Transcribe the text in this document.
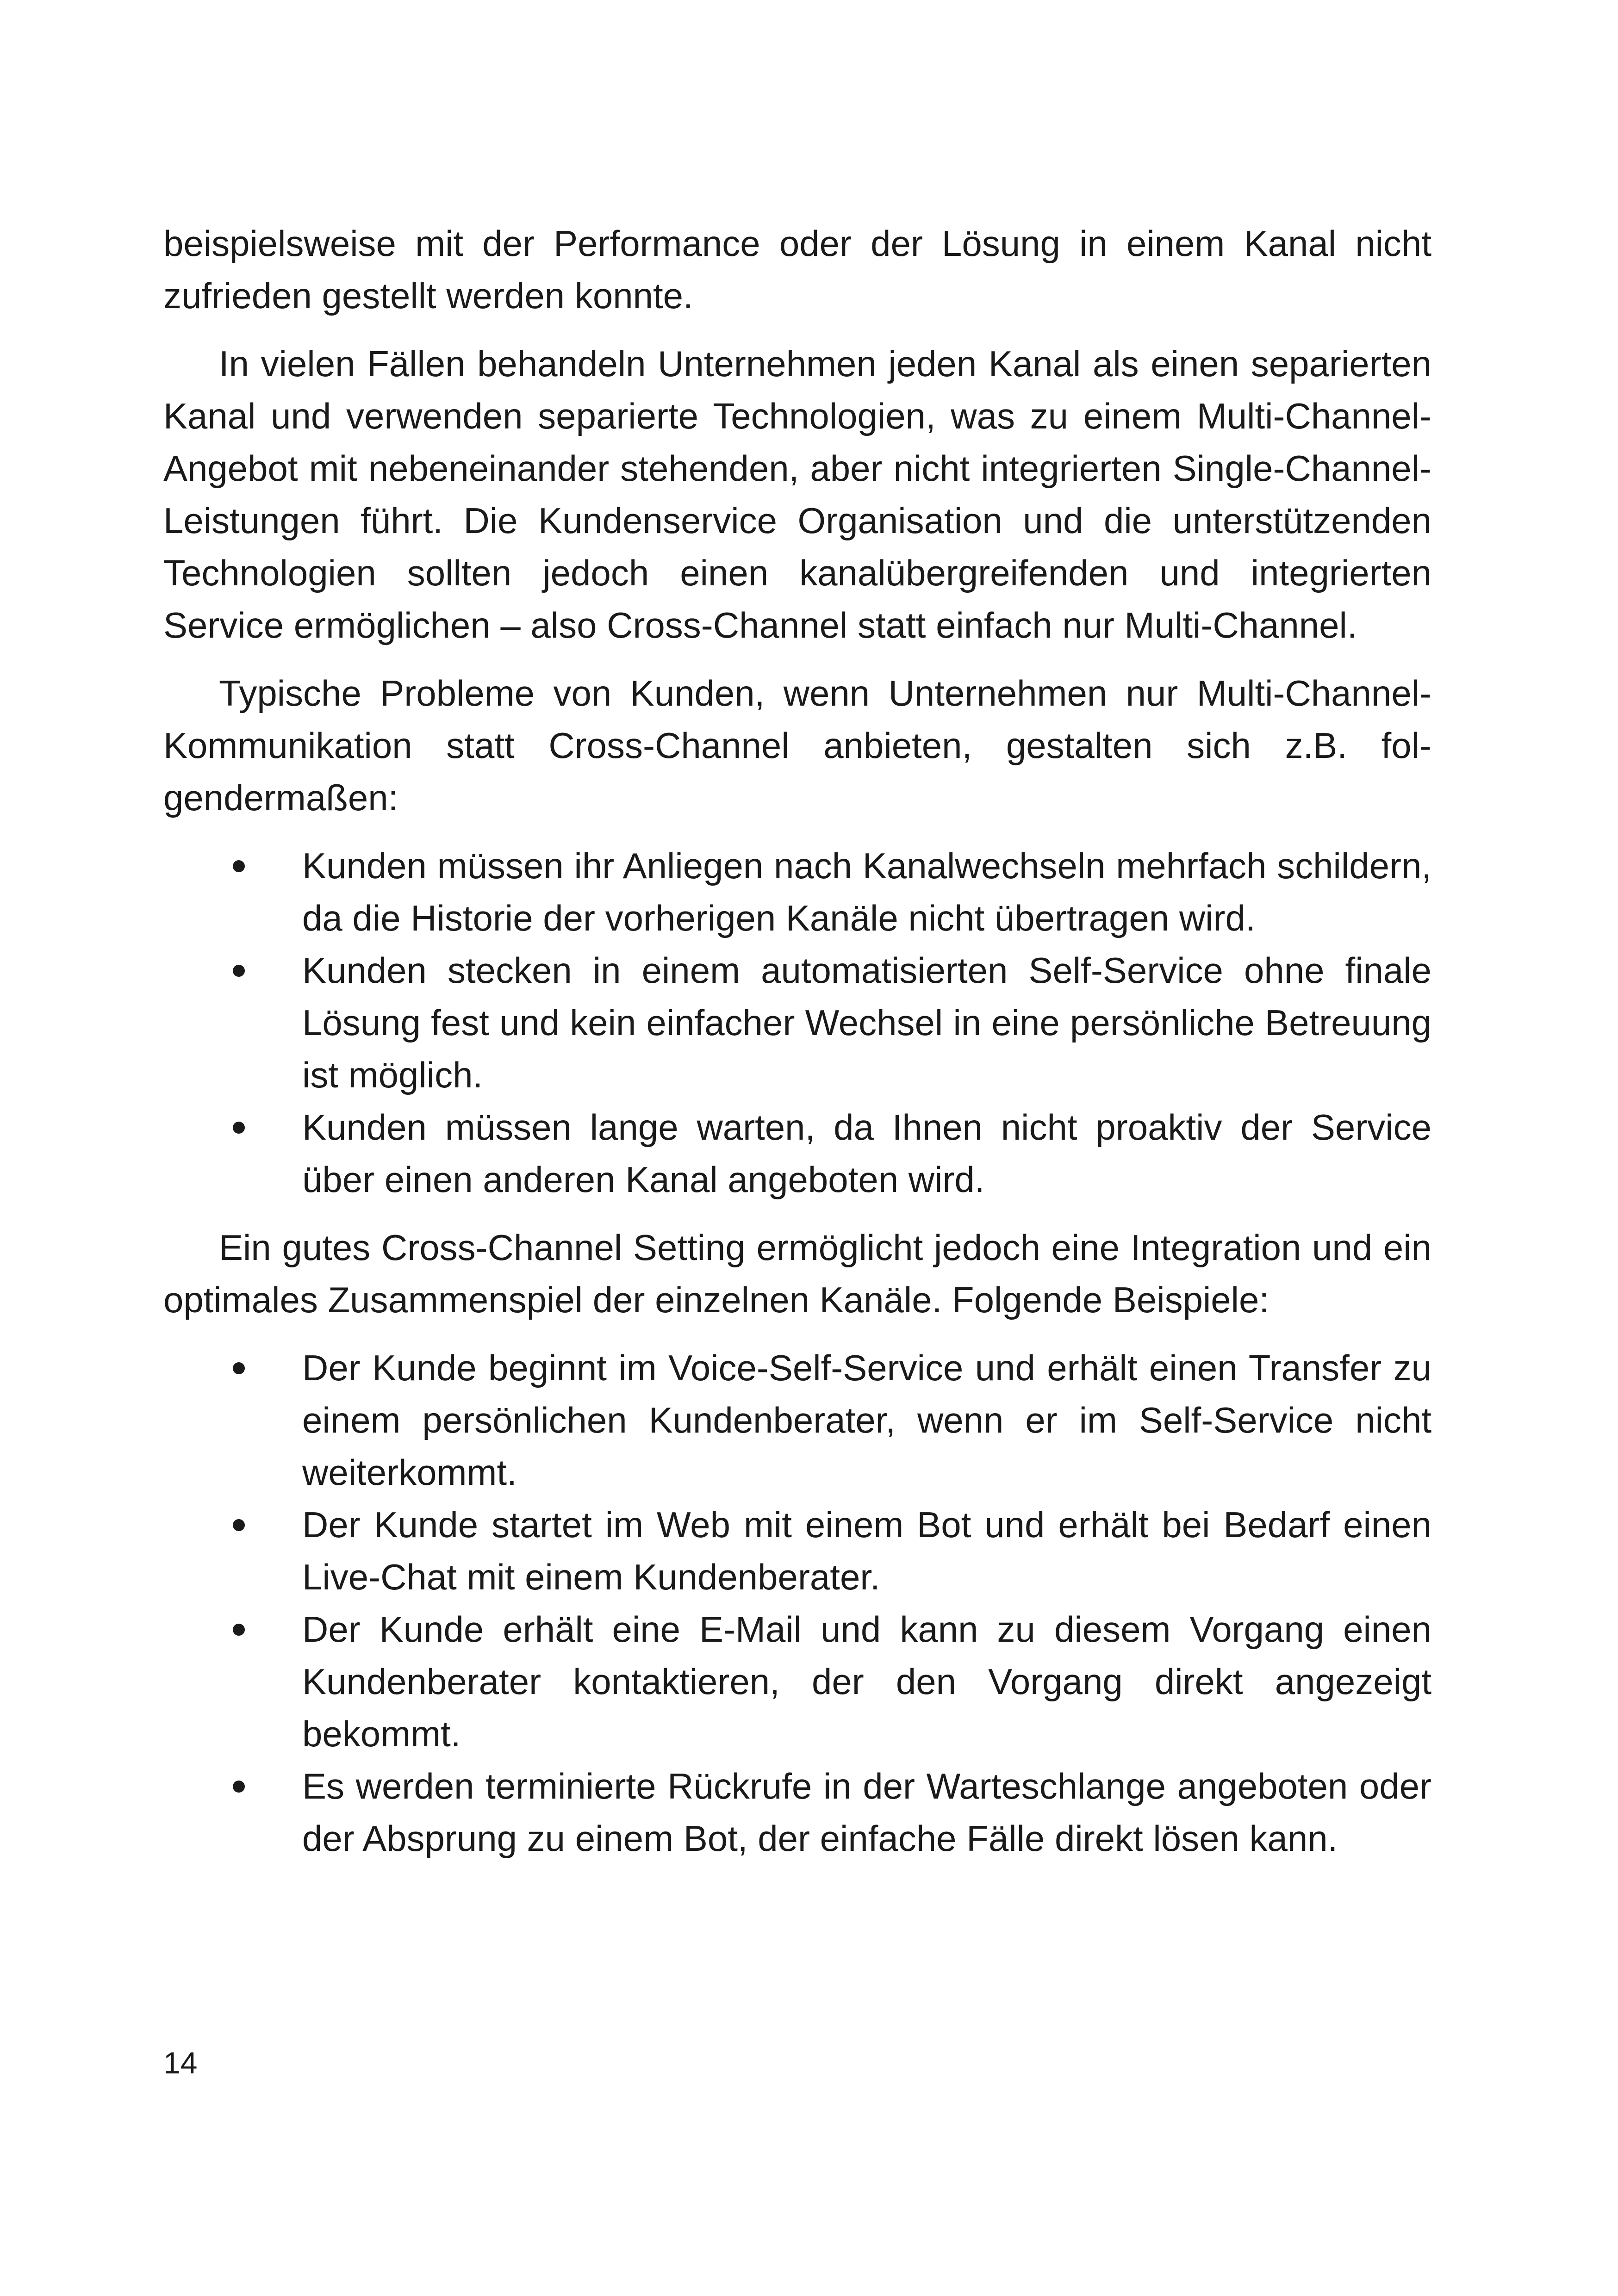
beispielsweise mit der Performance oder der Lösung in einem Kanal nicht zufrieden gestellt werden konnte.

In vielen Fällen behandeln Unternehmen jeden Kanal als einen separierten Kanal und verwenden separierte Technologien, was zu einem Multi-Channel-Angebot mit nebeneinander stehenden, aber nicht integrierten Single-Channel-Leistungen führt. Die Kundenservice Organisation und die unterstützenden Technologien sollten jedoch einen kanalübergreifenden und integrierten Service ermöglichen – also Cross-Channel statt einfach nur Multi-Channel.

Typische Probleme von Kunden, wenn Unternehmen nur Multi-Channel-Kommunikation statt Cross-Channel anbieten, gestalten sich z.B. folgendermaßen:

Kunden müssen ihr Anliegen nach Kanalwechseln mehrfach schildern, da die Historie der vorherigen Kanäle nicht übertragen wird.
Kunden stecken in einem automatisierten Self-Service ohne finale Lösung fest und kein einfacher Wechsel in eine persönliche Betreuung ist möglich.
Kunden müssen lange warten, da Ihnen nicht proaktiv der Service über einen anderen Kanal angeboten wird.

Ein gutes Cross-Channel Setting ermöglicht jedoch eine Integration und ein optimales Zusammenspiel der einzelnen Kanäle. Folgende Beispiele:

Der Kunde beginnt im Voice-Self-Service und erhält einen Transfer zu einem persönlichen Kundenberater, wenn er im Self-Service nicht weiterkommt.
Der Kunde startet im Web mit einem Bot und erhält bei Bedarf einen Live-Chat mit einem Kundenberater.
Der Kunde erhält eine E-Mail und kann zu diesem Vorgang einen Kundenberater kontaktieren, der den Vorgang direkt angezeigt bekommt.
Es werden terminierte Rückrufe in der Warteschlange angeboten oder der Absprung zu einem Bot, der einfache Fälle direkt lösen kann.
14
